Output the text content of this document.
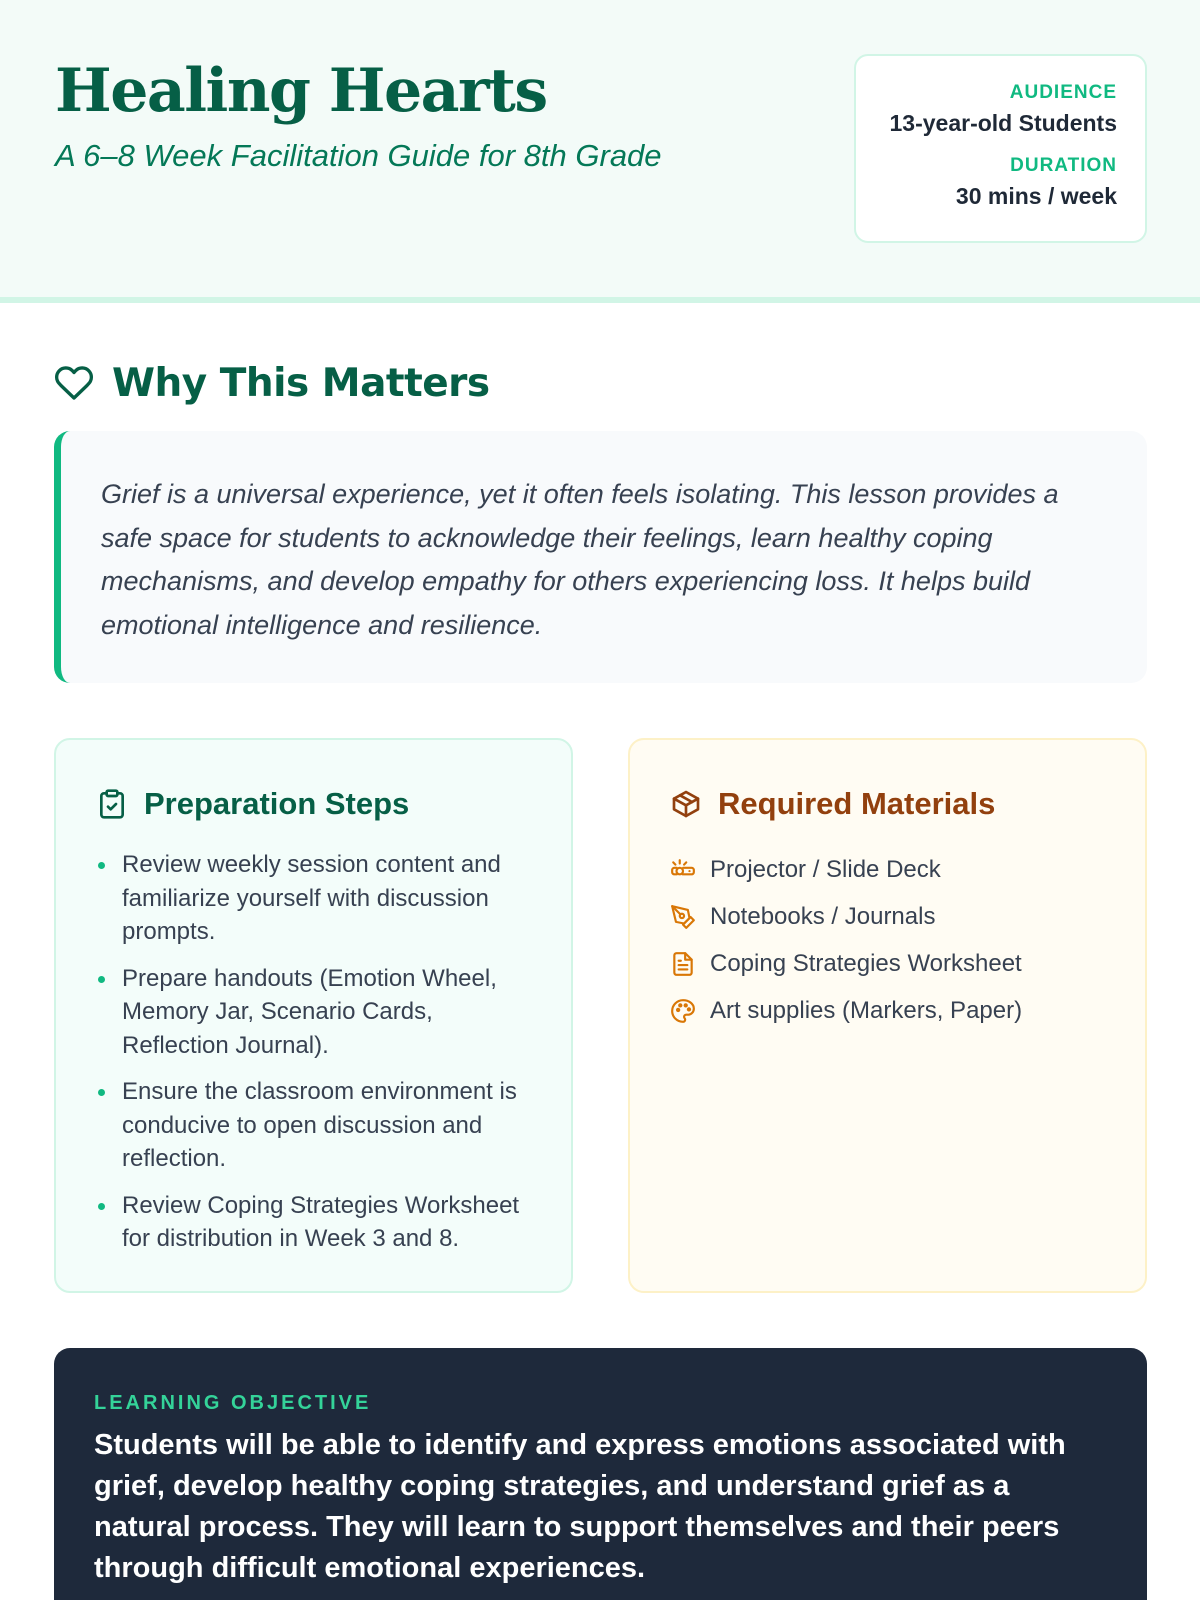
Healing Hearts
A 6–8 Week Facilitation Guide for 8th Grade
AUDIENCE
13-year-old Students
DURATION
30 mins / week
Why This Matters

Grief is a universal experience, yet it often feels isolating. This lesson provides a safe space for students to acknowledge their feelings, learn healthy coping mechanisms, and develop empathy for others experiencing loss. It helps build emotional intelligence and resilience.

Preparation Steps
Review weekly session content and familiarize yourself with discussion prompts.
Prepare handouts (Emotion Wheel, Memory Jar, Scenario Cards, Reflection Journal).
Ensure the classroom environment is conducive to open discussion and reflection.
Review Coping Strategies Worksheet for distribution in Week 3 and 8.
Required Materials
Projector / Slide Deck
Notebooks / Journals
Coping Strategies Worksheet
Art supplies (Markers, Paper)
LEARNING OBJECTIVE

Students will be able to identify and express emotions associated with grief, develop healthy coping strategies, and understand grief as a natural process. They will learn to support themselves and their peers through difficult emotional experiences.
